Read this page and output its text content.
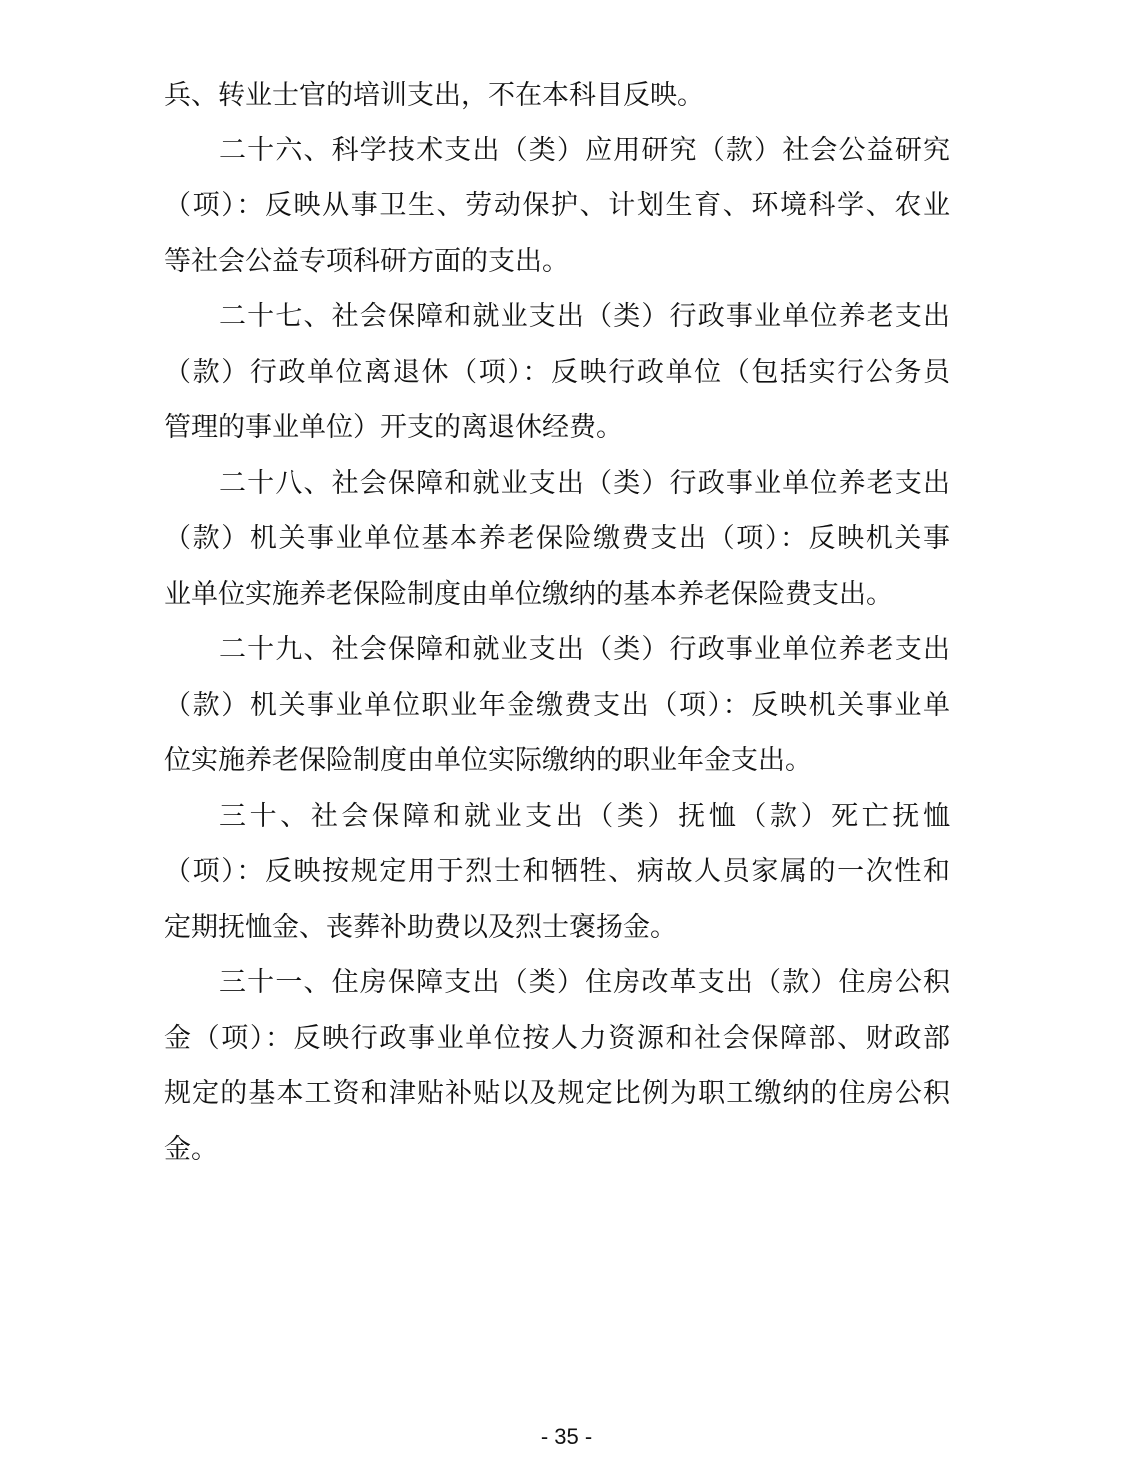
兵、转业士官的培训支出，不在本科目反映。
二十六、科学技术支出（类）应用研究（款）社会公益研究
（项）：反映从事卫生、劳动保护、计划生育、环境科学、农业
等社会公益专项科研方面的支出。
二十七、社会保障和就业支出（类）行政事业单位养老支出
（款）行政单位离退休（项）：反映行政单位（包括实行公务员
管理的事业单位）开支的离退休经费。
二十八、社会保障和就业支出（类）行政事业单位养老支出
（款）机关事业单位基本养老保险缴费支出（项）：反映机关事
业单位实施养老保险制度由单位缴纳的基本养老保险费支出。
二十九、社会保障和就业支出（类）行政事业单位养老支出
（款）机关事业单位职业年金缴费支出（项）：反映机关事业单
位实施养老保险制度由单位实际缴纳的职业年金支出。
三十、社会保障和就业支出（类）抚恤（款）死亡抚恤
（项）：反映按规定用于烈士和牺牲、病故人员家属的一次性和
定期抚恤金、丧葬补助费以及烈士褒扬金。
三十一、住房保障支出（类）住房改革支出（款）住房公积
金（项）：反映行政事业单位按人力资源和社会保障部、财政部
规定的基本工资和津贴补贴以及规定比例为职工缴纳的住房公积
金。
- 35 -
